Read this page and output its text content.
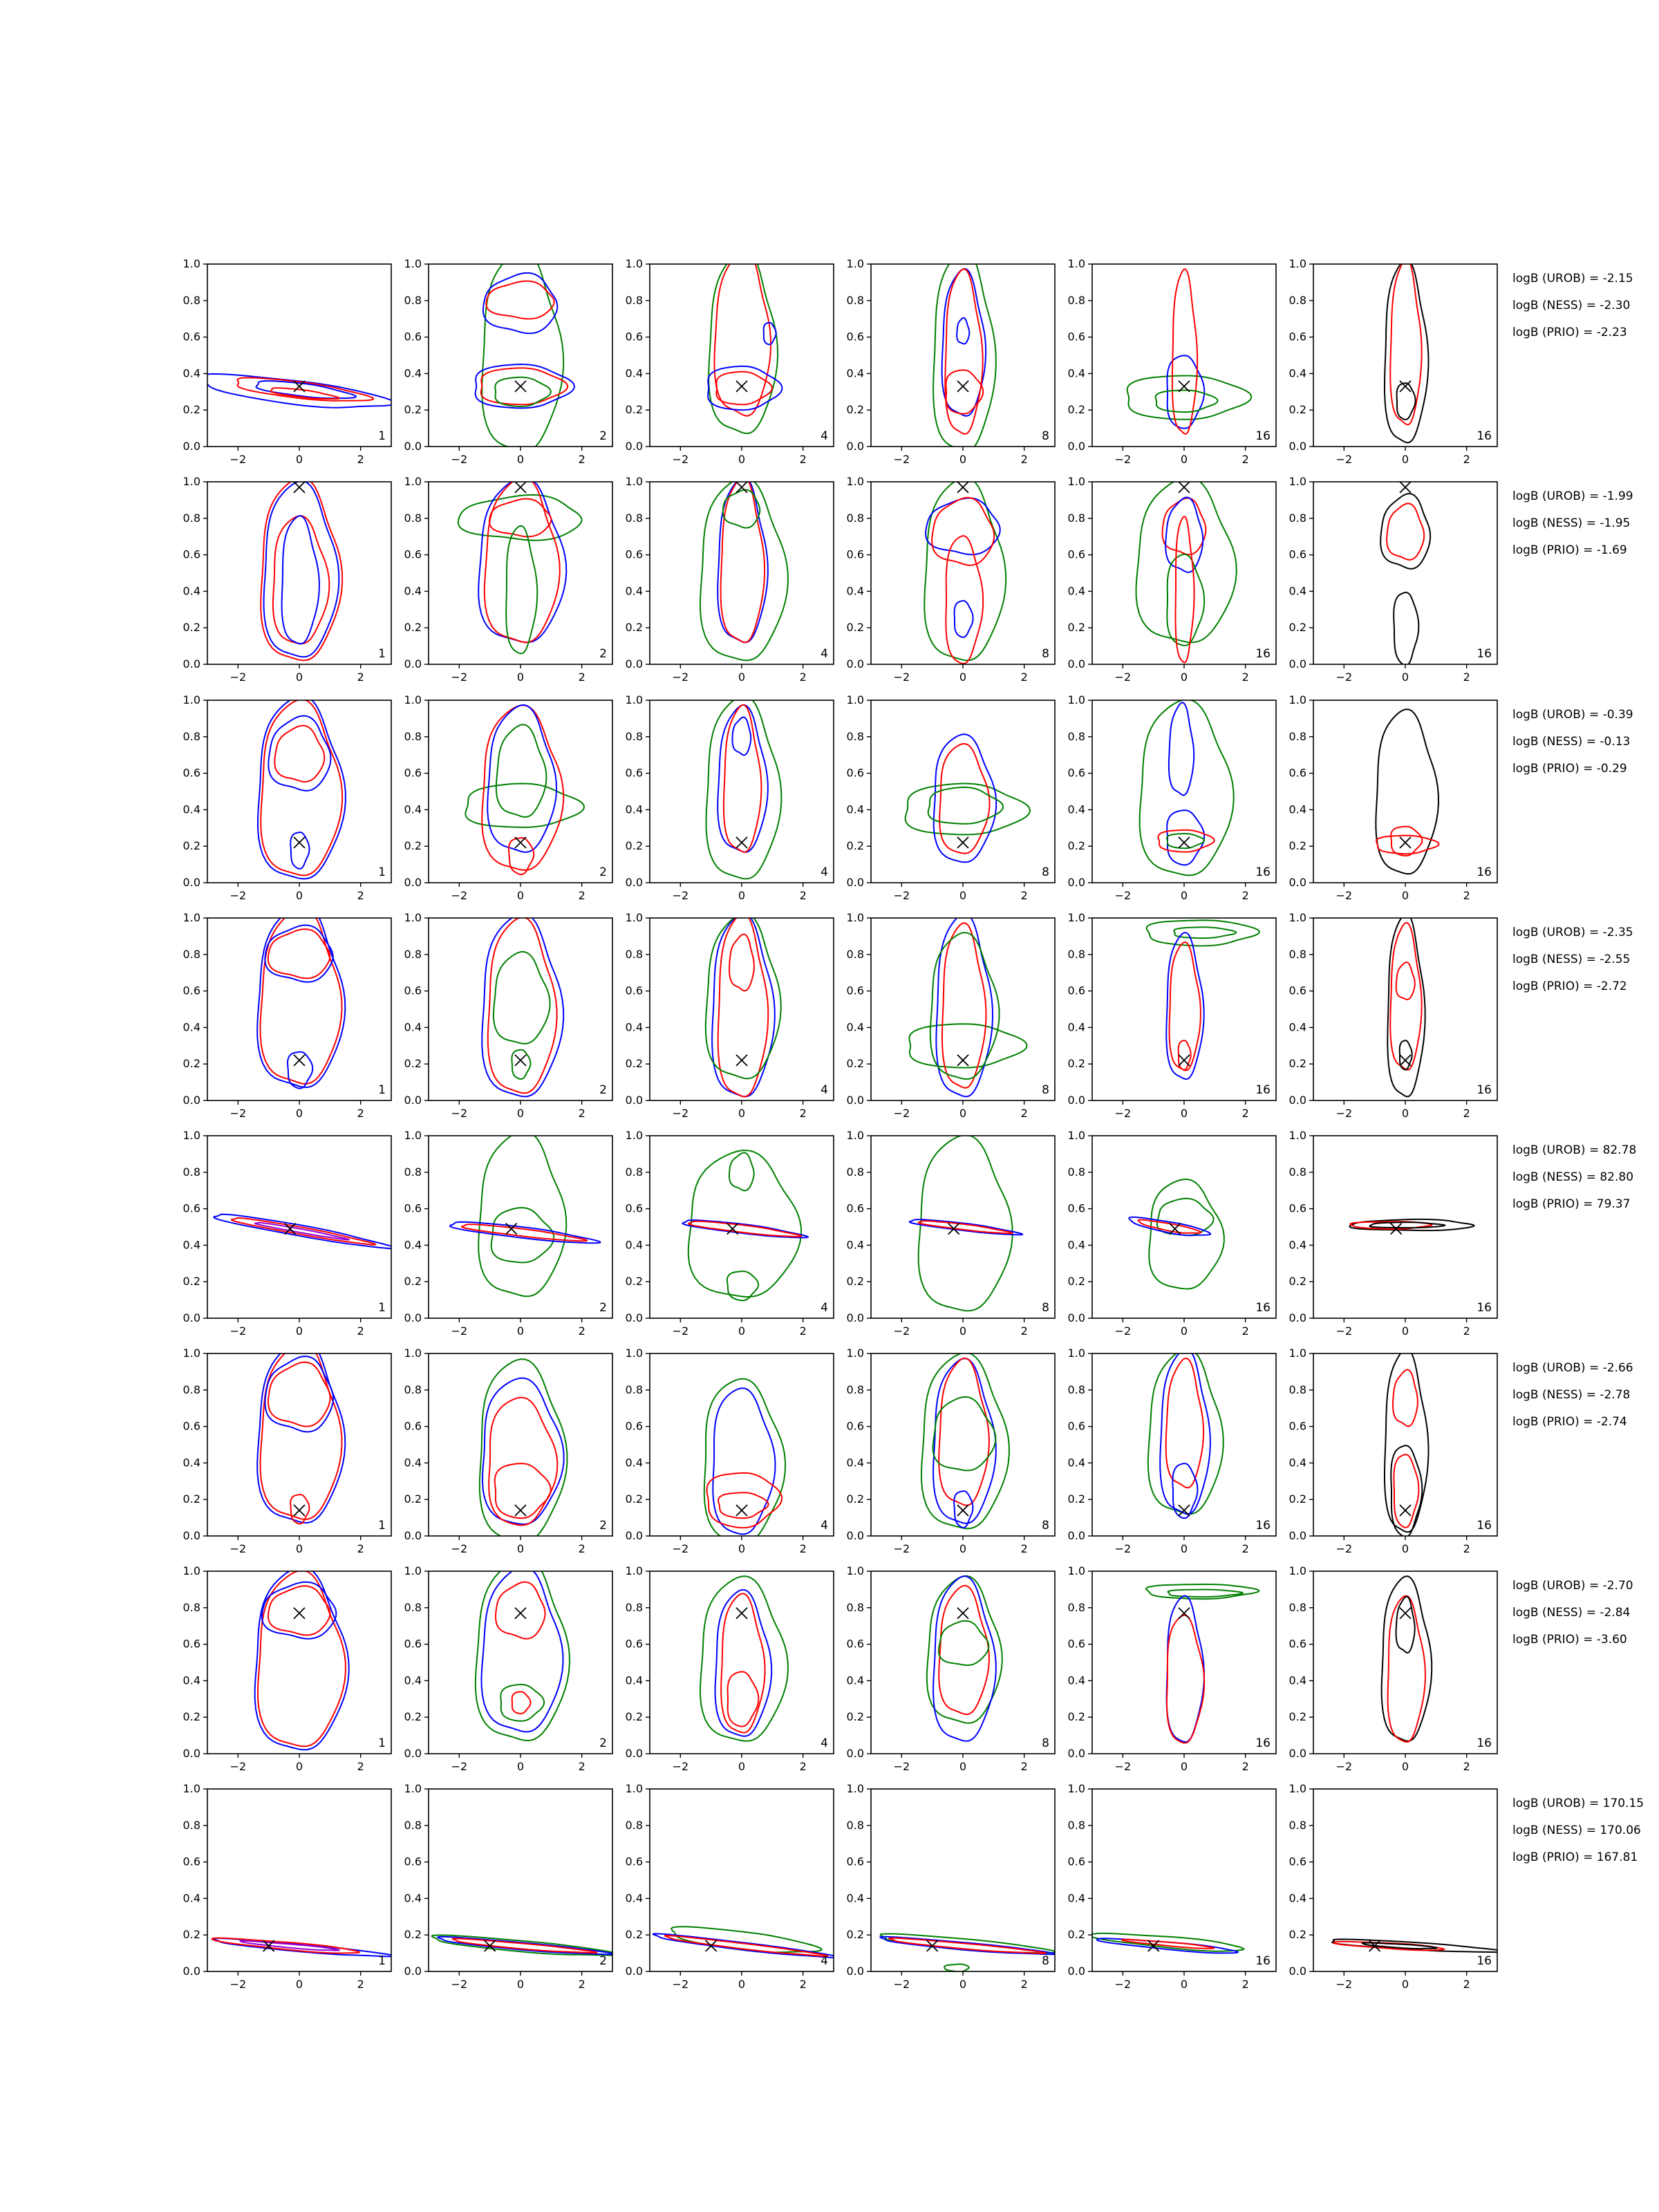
−2	0	2
0.0
0.2
0.4
0.6
0.8
1.0
1
−2	0	2
0.0
0.2
0.4
0.6
0.8
1.0
2
−2	0	2
0.0
0.2
0.4
0.6
0.8
1.0
4
−2	0	2
0.0
0.2
0.4
0.6
0.8
1.0
8
−2	0	2
0.0
0.2
0.4
0.6
0.8
1.0
16
−2	0	2
0.0
0.2
0.4
0.6
0.8
1.0
16
logB (UROB) = -2.15
logB (NESS) = -2.30
logB (PRIO) = -2.23
−2	0	2
0.0
0.2
0.4
0.6
0.8
1.0
1
−2	0	2
0.0
0.2
0.4
0.6
0.8
1.0
2
−2	0	2
0.0
0.2
0.4
0.6
0.8
1.0
4
−2	0	2
0.0
0.2
0.4
0.6
0.8
1.0
8
−2	0	2
0.0
0.2
0.4
0.6
0.8
1.0
16
−2	0	2
0.0
0.2
0.4
0.6
0.8
1.0
16
logB (UROB) = -1.99
logB (NESS) = -1.95
logB (PRIO) = -1.69
−2	0	2
0.0
0.2
0.4
0.6
0.8
1.0
1
−2	0	2
0.0
0.2
0.4
0.6
0.8
1.0
2
−2	0	2
0.0
0.2
0.4
0.6
0.8
1.0
4
−2	0	2
0.0
0.2
0.4
0.6
0.8
1.0
8
−2	0	2
0.0
0.2
0.4
0.6
0.8
1.0
16
−2	0	2
0.0
0.2
0.4
0.6
0.8
1.0
16
logB (UROB) = -0.39
logB (NESS) = -0.13
logB (PRIO) = -0.29
−2	0	2
0.0
0.2
0.4
0.6
0.8
1.0
1
−2	0	2
0.0
0.2
0.4
0.6
0.8
1.0
2
−2	0	2
0.0
0.2
0.4
0.6
0.8
1.0
4
−2	0	2
0.0
0.2
0.4
0.6
0.8
1.0
8
−2	0	2
0.0
0.2
0.4
0.6
0.8
1.0
16
−2	0	2
0.0
0.2
0.4
0.6
0.8
1.0
16
logB (UROB) = -2.35
logB (NESS) = -2.55
logB (PRIO) = -2.72
−2	0	2
0.0
0.2
0.4
0.6
0.8
1.0
1
−2	0	2
0.0
0.2
0.4
0.6
0.8
1.0
2
−2	0	2
0.0
0.2
0.4
0.6
0.8
1.0
4
−2	0	2
0.0
0.2
0.4
0.6
0.8
1.0
8
−2	0	2
0.0
0.2
0.4
0.6
0.8
1.0
16
−2	0	2
0.0
0.2
0.4
0.6
0.8
1.0
16
logB (UROB) = 82.78
logB (NESS) = 82.80
logB (PRIO) = 79.37
−2	0	2
0.0
0.2
0.4
0.6
0.8
1.0
1
−2	0	2
0.0
0.2
0.4
0.6
0.8
1.0
2
−2	0	2
0.0
0.2
0.4
0.6
0.8
1.0
4
−2	0	2
0.0
0.2
0.4
0.6
0.8
1.0
8
−2	0	2
0.0
0.2
0.4
0.6
0.8
1.0
16
−2	0	2
0.0
0.2
0.4
0.6
0.8
1.0
16
logB (UROB) = -2.66
logB (NESS) = -2.78
logB (PRIO) = -2.74
−2	0	2
0.0
0.2
0.4
0.6
0.8
1.0
1
−2	0	2
0.0
0.2
0.4
0.6
0.8
1.0
2
−2	0	2
0.0
0.2
0.4
0.6
0.8
1.0
4
−2	0	2
0.0
0.2
0.4
0.6
0.8
1.0
8
−2	0	2
0.0
0.2
0.4
0.6
0.8
1.0
16
−2	0	2
0.0
0.2
0.4
0.6
0.8
1.0
16
logB (UROB) = -2.70
logB (NESS) = -2.84
logB (PRIO) = -3.60
−2	0	2
0.0
0.2
0.4
0.6
0.8
1.0
1
−2	0	2
0.0
0.2
0.4
0.6
0.8
1.0
2
−2	0	2
0.0
0.2
0.4
0.6
0.8
1.0
4
−2	0	2
0.0
0.2
0.4
0.6
0.8
1.0
8
−2	0	2
0.0
0.2
0.4
0.6
0.8
1.0
16
−2	0	2
0.0
0.2
0.4
0.6
0.8
1.0
16
logB (UROB) = 170.15
logB (NESS) = 170.06
logB (PRIO) = 167.81
